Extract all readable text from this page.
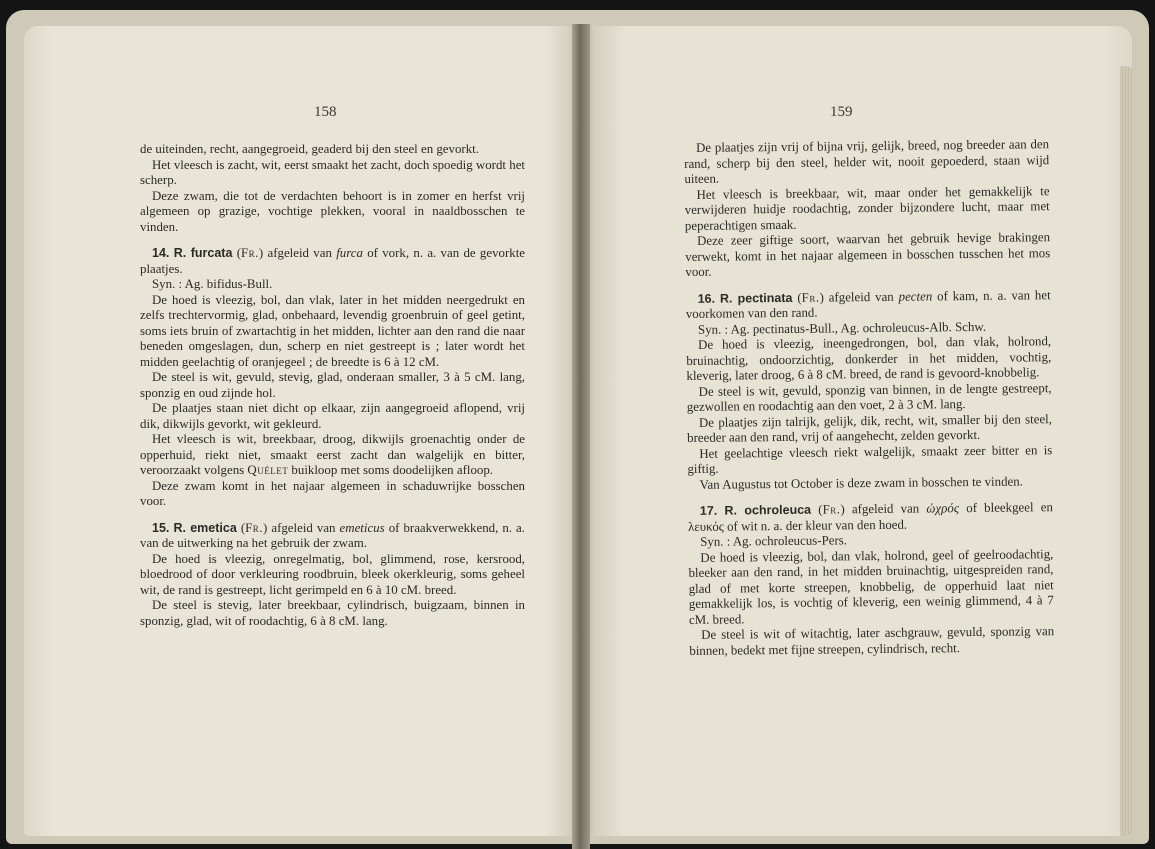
158

de uiteinden, recht, aangegroeid, geaderd bij den steel en gevorkt.

Het vleesch is zacht, wit, eerst smaakt het zacht, doch spoedig wordt het scherp.

Deze zwam, die tot de verdachten behoort is in zomer en herfst vrij algemeen op grazige, vochtige plekken, vooral in naaldbosschen te vinden.

14. R. furcata (Fr.) afgeleid van furca of vork, n. a. van de gevorkte plaatjes.

Syn. : Ag. bifidus-Bull.

De hoed is vleezig, bol, dan vlak, later in het midden neergedrukt en zelfs trechtervormig, glad, onbehaard, levendig groenbruin of geel getint, soms iets bruin of zwartachtig in het midden, lichter aan den rand die naar beneden omgeslagen, dun, scherp en niet gestreept is ; later wordt het midden geelachtig of oranjegeel ; de breedte is 6 à 12 cM.

De steel is wit, gevuld, stevig, glad, onderaan smaller, 3 à 5 cM. lang, sponzig en oud zijnde hol.

De plaatjes staan niet dicht op elkaar, zijn aangegroeid aflopend, vrij dik, dikwijls gevorkt, wit gekleurd.

Het vleesch is wit, breekbaar, droog, dikwijls groenachtig onder de opperhuid, riekt niet, smaakt eerst zacht dan walgelijk en bitter, veroorzaakt volgens Quélet buikloop met soms doodelijken afloop.

Deze zwam komt in het najaar algemeen in schaduwrijke bosschen voor.

15. R. emetica (Fr.) afgeleid van emeticus of braakverwekkend, n. a. van de uitwerking na het gebruik der zwam.

De hoed is vleezig, onregelmatig, bol, glimmend, rose, kersrood, bloedrood of door verkleuring roodbruin, bleek okerkleurig, soms geheel wit, de rand is gestreept, licht gerimpeld en 6 à 10 cM. breed.

De steel is stevig, later breekbaar, cylindrisch, buigzaam, binnen in sponzig, glad, wit of roodachtig, 6 à 8 cM. lang.

159

De plaatjes zijn vrij of bijna vrij, gelijk, breed, nog breeder aan den rand, scherp bij den steel, helder wit, nooit gepoederd, staan wijd uiteen.

Het vleesch is breekbaar, wit, maar onder het gemakkelijk te verwijderen huidje roodachtig, zonder bijzondere lucht, maar met peperachtigen smaak.

Deze zeer giftige soort, waarvan het gebruik hevige brakingen verwekt, komt in het najaar algemeen in bosschen tusschen het mos voor.

16. R. pectinata (Fr.) afgeleid van pecten of kam, n. a. van het voorkomen van den rand.

Syn. : Ag. pectinatus-Bull., Ag. ochroleucus-Alb. Schw.

De hoed is vleezig, ineengedrongen, bol, dan vlak, holrond, bruinachtig, ondoorzichtig, donkerder in het midden, vochtig, kleverig, later droog, 6 à 8 cM. breed, de rand is gevoord-knobbelig.

De steel is wit, gevuld, sponzig van binnen, in de lengte gestreept, gezwollen en roodachtig aan den voet, 2 à 3 cM. lang.

De plaatjes zijn talrijk, gelijk, dik, recht, wit, smaller bij den steel, breeder aan den rand, vrij of aangehecht, zelden gevorkt.

Het geelachtige vleesch riekt walgelijk, smaakt zeer bitter en is giftig.

Van Augustus tot October is deze zwam in bosschen te vinden.

17. R. ochroleuca (Fr.) afgeleid van ὠχρός of bleekgeel en λευκός of wit n. a. der kleur van den hoed.

Syn. : Ag. ochroleucus-Pers.

De hoed is vleezig, bol, dan vlak, holrond, geel of geelroodachtig, bleeker aan den rand, in het midden bruinachtig, uitgespreiden rand, glad of met korte streepen, knobbelig, de opperhuid laat niet gemakkelijk los, is vochtig of kleverig, een weinig glimmend, 4 à 7 cM. breed.

De steel is wit of witachtig, later aschgrauw, gevuld, sponzig van binnen, bedekt met fijne streepen, cylindrisch, recht.
